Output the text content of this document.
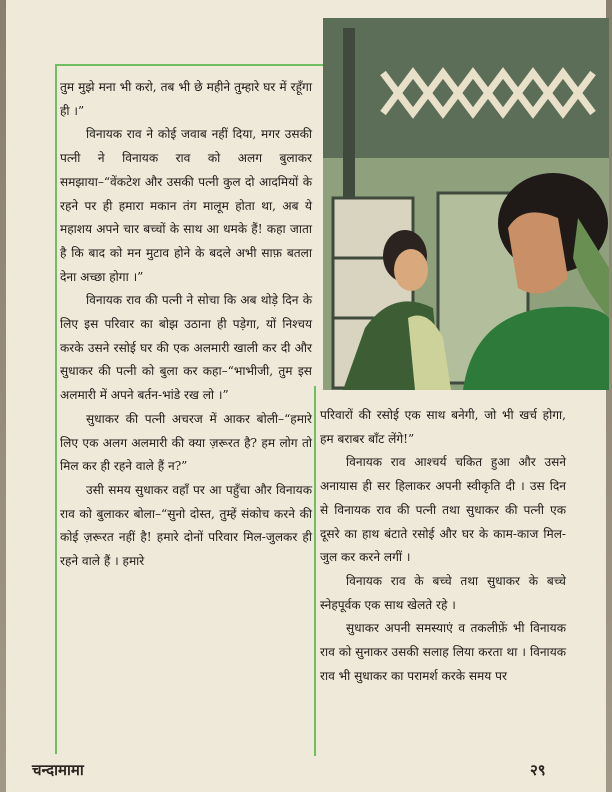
तुम मुझे मना भी करो, तब भी छे महीने तुम्हारे घर में रहूँगा ही ।”

विनायक राव ने कोई जवाब नहीं दिया, मगर उसकी पत्नी ने विनायक राव को अलग बुलाकर समझाया–“वेंकटेश और उसकी पत्नी कुल दो आदमियों के रहने पर ही हमारा मकान तंग मालूम होता था, अब ये महाशय अपने चार बच्चों के साथ आ धमके हैं! कहा जाता है कि बाद को मन मुटाव होने के बदले अभी साफ़ बतला देना अच्छा होगा ।”

विनायक राव की पत्नी ने सोचा कि अब थोड़े दिन के लिए इस परिवार का बोझ उठाना ही पड़ेगा, यों निश्चय करके उसने रसोई घर की एक अलमारी खाली कर दी और सुधाकर की पत्नी को बुला कर कहा–“भाभीजी, तुम इस अलमारी में अपने बर्तन-भांडे रख लो ।”

सुधाकर की पत्नी अचरज में आकर बोली–“हमारे लिए एक अलग अलमारी की क्या ज़रूरत है? हम लोग तो मिल कर ही रहने वाले हैं न?”

उसी समय सुधाकर वहाँ पर आ पहुँचा और विनायक राव को बुलाकर बोला–“सुनो दोस्त, तुम्हें संकोच करने की कोई ज़रूरत नहीं है! हमारे दोनों परिवार मिल-जुलकर ही रहने वाले हैं । हमारे

परिवारों की रसोई एक साथ बनेगी, जो भी खर्च होगा, हम बराबर बाँट लेंगे!”

विनायक राव आश्चर्य चकित हुआ और उसने अनायास ही सर हिलाकर अपनी स्वीकृति दी । उस दिन से विनायक राव की पत्नी तथा सुधाकर की पत्नी एक दूसरे का हाथ बंटाते रसोई और घर के काम-काज मिल-जुल कर करने लगीं ।

विनायक राव के बच्चे तथा सुधाकर के बच्चे स्नेहपूर्वक एक साथ खेलते रहे ।

सुधाकर अपनी समस्याएं व तकलीफ़ें भी विनायक राव को सुनाकर उसकी सलाह लिया करता था । विनायक राव भी सुधाकर का परामर्श करके समय पर

चन्दामामा	२९
